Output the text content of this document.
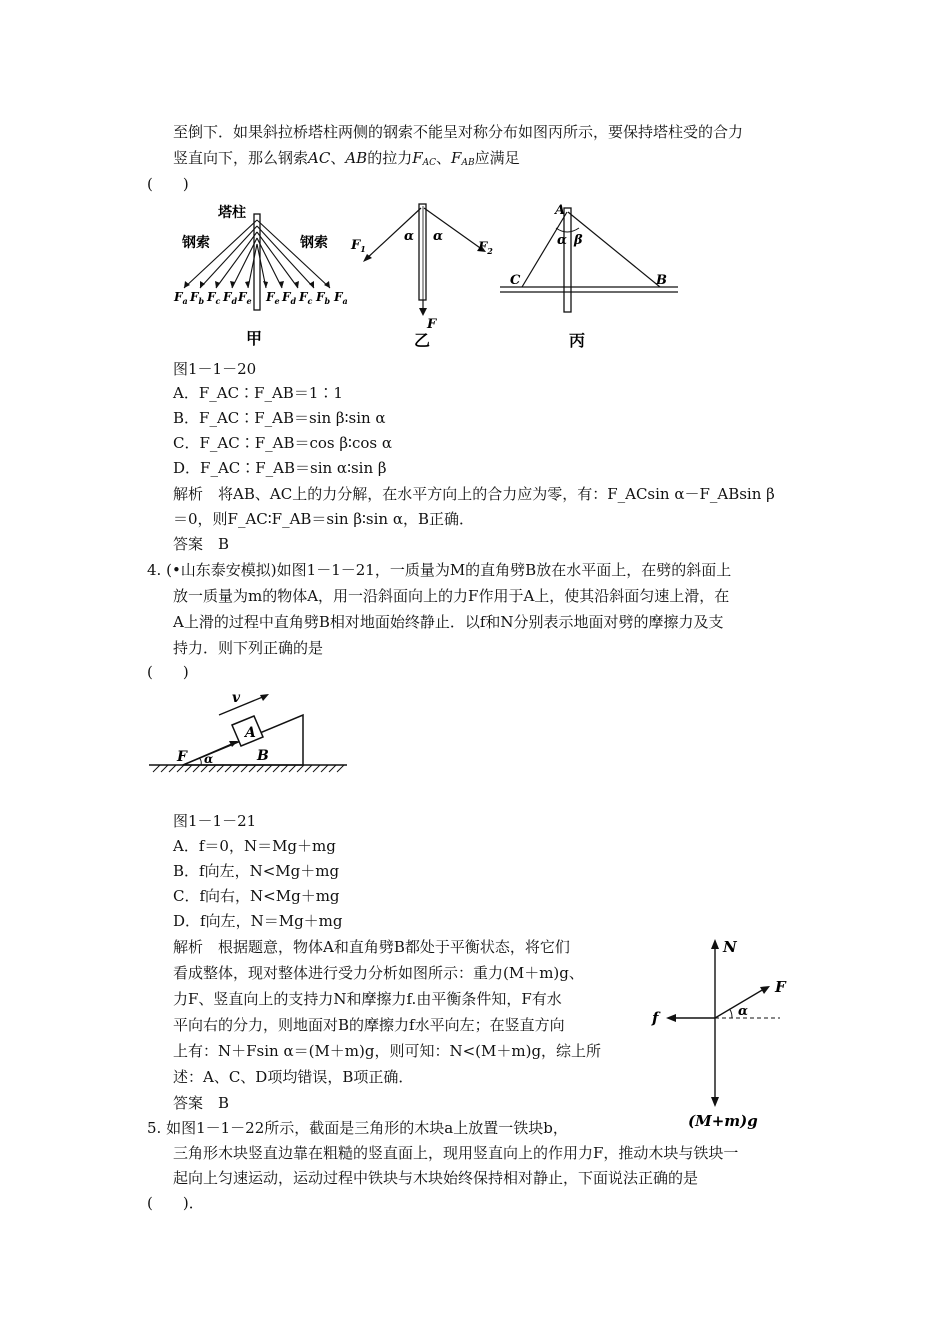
至倒下．如果斜拉桥塔柱两侧的钢索不能呈对称分布如图丙所示，要保持塔柱受的合力
竖直向下，那么钢索AC、AB的拉力$F_{AC}$、$F_{AB}$应满足
(　　)
塔柱
钢索	钢索
$F_a$ $F_b$ $F_c$ $F_d$ $F_e$ $F_e$ $F_d$ $F_c$ $F_b$ $F_a$
甲
$F_1$	$F_2$
α α
F
乙
A
C	B
α β
丙
图1－1－20
A．F_AC∶F_AB＝1∶1
B．F_AC∶F_AB＝sin β∶sin α
C．F_AC∶F_AB＝cos β∶cos α
D．F_AC∶F_AB＝sin α∶sin β
解析　 将AB、AC上的力分解，在水平方向上的合力应为零，有：F_ACsin α－F_ABsin β
＝0，则F_AC∶F_AB＝sin β∶sin α，B正确．
答案　 B
4. (•山东泰安模拟)如图1－1－21，一质量为M的直角劈B放在水平面上，在劈的斜面上
放一质量为m的物体A，用一沿斜面向上的力F作用于A上，使其沿斜面匀速上滑，在
A上滑的过程中直角劈B相对地面始终静止．以f和N分别表示地面对劈的摩擦力及支
持力．则下列正确的是
(　　)
v
A
B
F α
图1－1－21
A．f＝0，N＝Mg＋mg
B．f向左，N<Mg＋mg
C．f向右，N<Mg＋mg
D．f向左，N＝Mg＋mg
解析　 根据题意，物体A和直角劈B都处于平衡状态，将它们
看成整体，现对整体进行受力分析如图所示：重力(M＋m)g、
力F、竖直向上的支持力N和摩擦力f.由平衡条件知，F有水
平向右的分力，则地面对B的摩擦力f水平向左；在竖直方向
上有：N＋Fsin α＝(M＋m)g，则可知：N<(M＋m)g，综上所
述：A、C、D项均错误，B项正确．
答案　 B
N
F
f	α
(M+m)g
5. 如图1－1－22所示，截面是三角形的木块a上放置一铁块b，
三角形木块竖直边靠在粗糙的竖直面上，现用竖直向上的作用力F，推动木块与铁块一
起向上匀速运动，运动过程中铁块与木块始终保持相对静止，下面说法正确的是
(　　)．
